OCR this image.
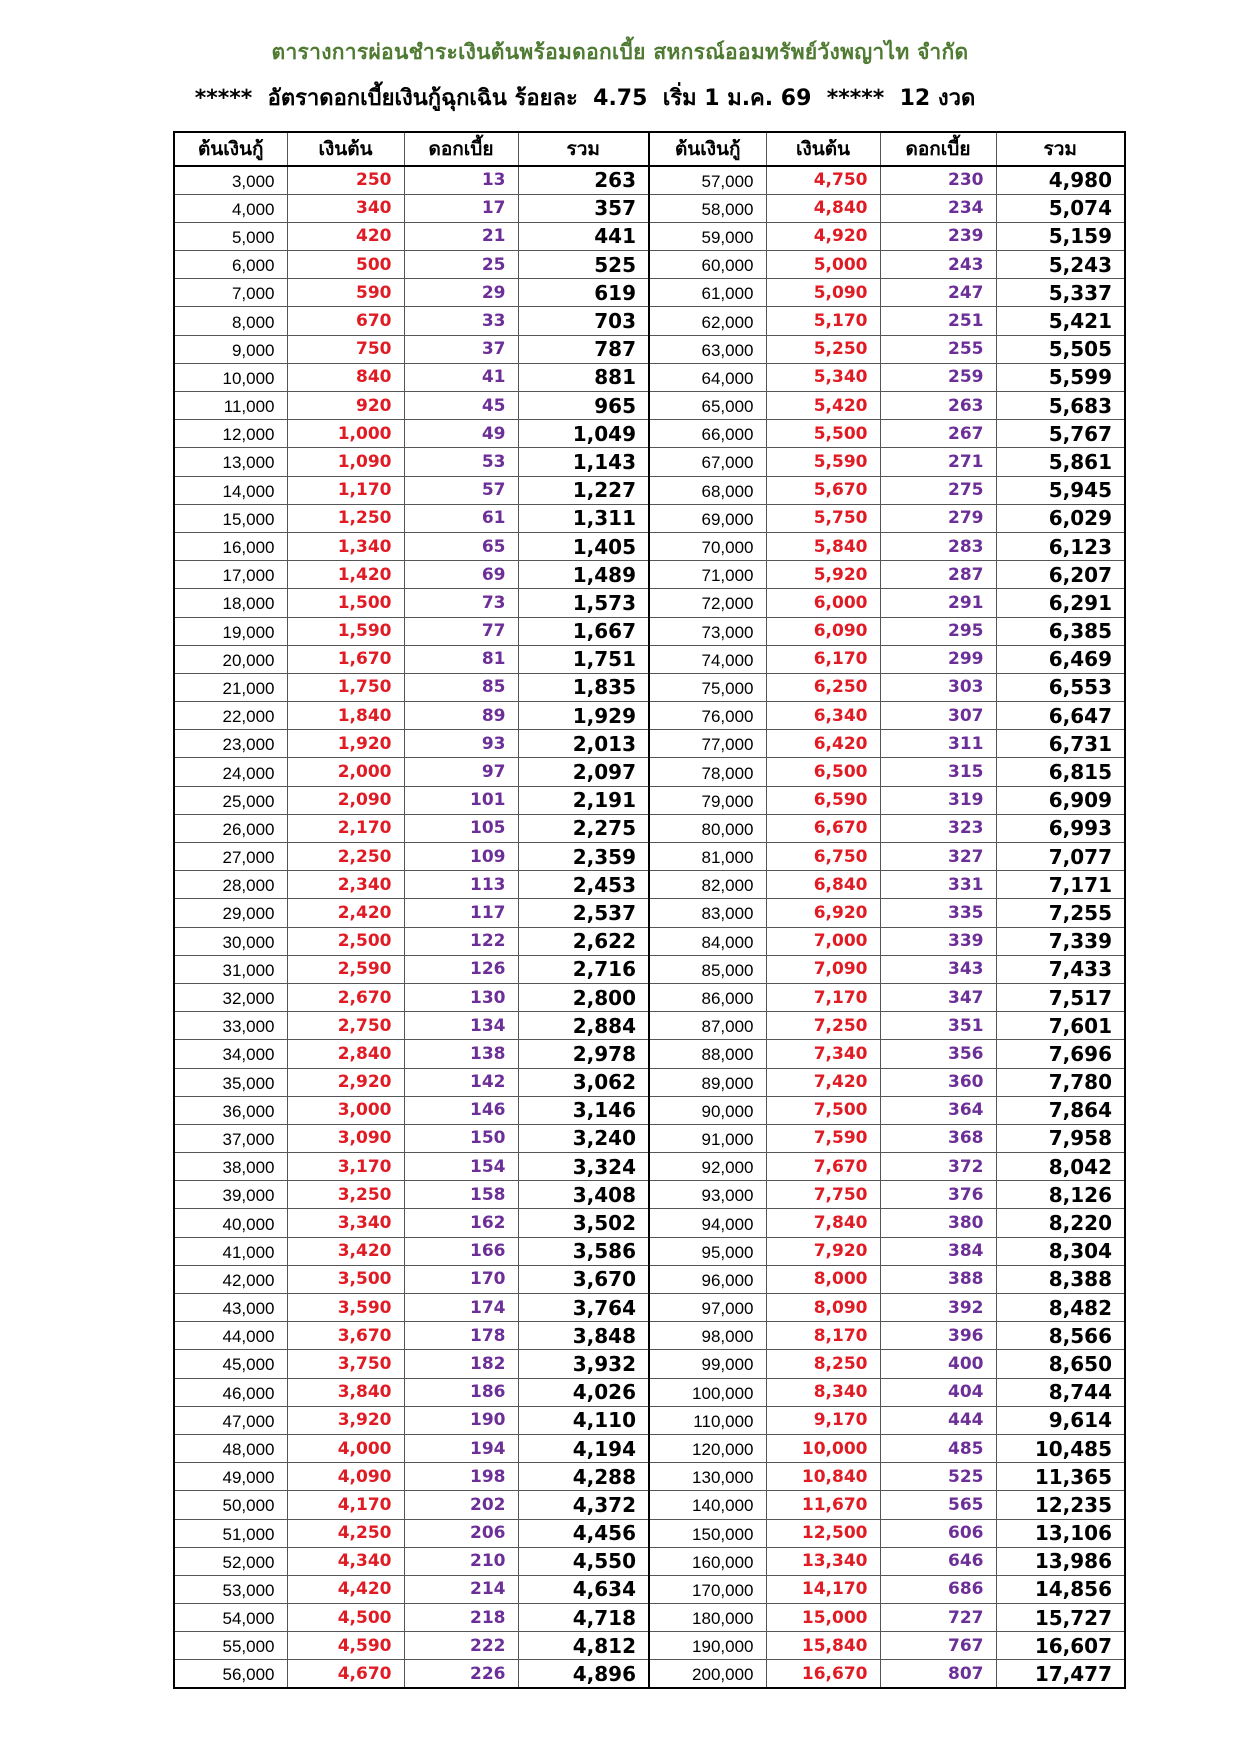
ตารางการผ่อนชำระเงินต้นพร้อมดอกเบี้ย สหกรณ์ออมทรัพย์วังพญาไท จำกัด
*****  อัตราดอกเบี้ยเงินกู้ฉุกเฉิน ร้อยละ  4.75  เริ่ม 1 ม.ค. 69  *****  12 งวด
ต้นเงินกู้	เงินต้น	ดอกเบี้ย	รวม	ต้นเงินกู้	เงินต้น	ดอกเบี้ย	รวม
3,000	250	13	263	57,000	4,750	230	4,980
4,000	340	17	357	58,000	4,840	234	5,074
5,000	420	21	441	59,000	4,920	239	5,159
6,000	500	25	525	60,000	5,000	243	5,243
7,000	590	29	619	61,000	5,090	247	5,337
8,000	670	33	703	62,000	5,170	251	5,421
9,000	750	37	787	63,000	5,250	255	5,505
10,000	840	41	881	64,000	5,340	259	5,599
11,000	920	45	965	65,000	5,420	263	5,683
12,000	1,000	49	1,049	66,000	5,500	267	5,767
13,000	1,090	53	1,143	67,000	5,590	271	5,861
14,000	1,170	57	1,227	68,000	5,670	275	5,945
15,000	1,250	61	1,311	69,000	5,750	279	6,029
16,000	1,340	65	1,405	70,000	5,840	283	6,123
17,000	1,420	69	1,489	71,000	5,920	287	6,207
18,000	1,500	73	1,573	72,000	6,000	291	6,291
19,000	1,590	77	1,667	73,000	6,090	295	6,385
20,000	1,670	81	1,751	74,000	6,170	299	6,469
21,000	1,750	85	1,835	75,000	6,250	303	6,553
22,000	1,840	89	1,929	76,000	6,340	307	6,647
23,000	1,920	93	2,013	77,000	6,420	311	6,731
24,000	2,000	97	2,097	78,000	6,500	315	6,815
25,000	2,090	101	2,191	79,000	6,590	319	6,909
26,000	2,170	105	2,275	80,000	6,670	323	6,993
27,000	2,250	109	2,359	81,000	6,750	327	7,077
28,000	2,340	113	2,453	82,000	6,840	331	7,171
29,000	2,420	117	2,537	83,000	6,920	335	7,255
30,000	2,500	122	2,622	84,000	7,000	339	7,339
31,000	2,590	126	2,716	85,000	7,090	343	7,433
32,000	2,670	130	2,800	86,000	7,170	347	7,517
33,000	2,750	134	2,884	87,000	7,250	351	7,601
34,000	2,840	138	2,978	88,000	7,340	356	7,696
35,000	2,920	142	3,062	89,000	7,420	360	7,780
36,000	3,000	146	3,146	90,000	7,500	364	7,864
37,000	3,090	150	3,240	91,000	7,590	368	7,958
38,000	3,170	154	3,324	92,000	7,670	372	8,042
39,000	3,250	158	3,408	93,000	7,750	376	8,126
40,000	3,340	162	3,502	94,000	7,840	380	8,220
41,000	3,420	166	3,586	95,000	7,920	384	8,304
42,000	3,500	170	3,670	96,000	8,000	388	8,388
43,000	3,590	174	3,764	97,000	8,090	392	8,482
44,000	3,670	178	3,848	98,000	8,170	396	8,566
45,000	3,750	182	3,932	99,000	8,250	400	8,650
46,000	3,840	186	4,026	100,000	8,340	404	8,744
47,000	3,920	190	4,110	110,000	9,170	444	9,614
48,000	4,000	194	4,194	120,000	10,000	485	10,485
49,000	4,090	198	4,288	130,000	10,840	525	11,365
50,000	4,170	202	4,372	140,000	11,670	565	12,235
51,000	4,250	206	4,456	150,000	12,500	606	13,106
52,000	4,340	210	4,550	160,000	13,340	646	13,986
53,000	4,420	214	4,634	170,000	14,170	686	14,856
54,000	4,500	218	4,718	180,000	15,000	727	15,727
55,000	4,590	222	4,812	190,000	15,840	767	16,607
56,000	4,670	226	4,896	200,000	16,670	807	17,477
